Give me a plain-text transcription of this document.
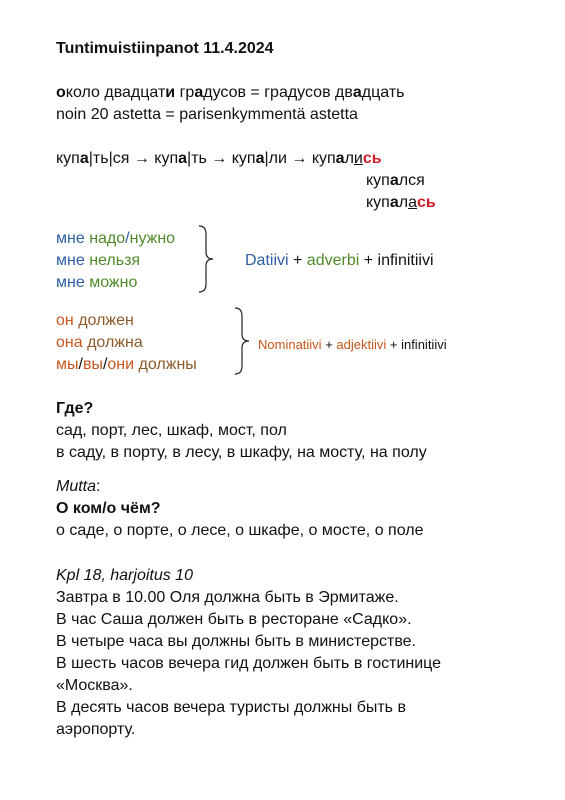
Tuntimuistiinpanot 11.4.2024
около двадцати градусов = градусов двадцать
noin 20 astetta = parisenkymmentä astetta
купа|ть|ся → купа|ть → купа|ли → купались
купался
купалась
мне надо/нужно
мне нельзя
мне можно
Datiivi + adverbi + infinitiivi
он должен
она должна
мы/вы/они должны
Nominatiivi + adjektiivi + infinitiivi
Где?
сад, порт, лес, шкаф, мост, пол
в саду, в порту, в лесу, в шкафу, на мосту, на полу
Mutta:
О ком/о чём?
о саде, о порте, о лесе, о шкафе, о мосте, о поле
Kpl 18, harjoitus 10
Завтра в 10.00 Оля должна быть в Эрмитаже.
В час Саша должен быть в ресторане «Садко».
В четыре часа вы должны быть в министерстве.
В шесть часов вечера гид должен быть в гостинице
«Москва».
В десять часов вечера туристы должны быть в
аэропорту.
